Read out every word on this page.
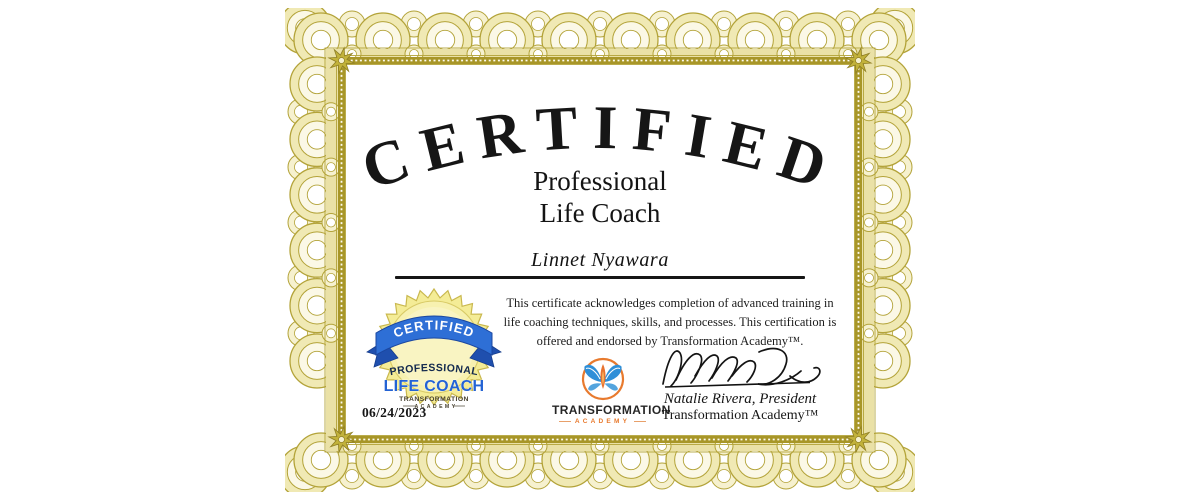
CERTIFIED
Professional
Life Coach
Linnet Nyawara

This certificate acknowledges completion of advanced training in life coaching techniques, skills, and processes. This certification is offered and endorsed by Transformation Academy™.

CERTIFIED
PROFESSIONAL
LIFE COACH
TRANSFORMATION
ACADEMY
06/24/2023	TRANSFORMATION
ACADEMY
Natalie Rivera, President
Transformation Academy™
